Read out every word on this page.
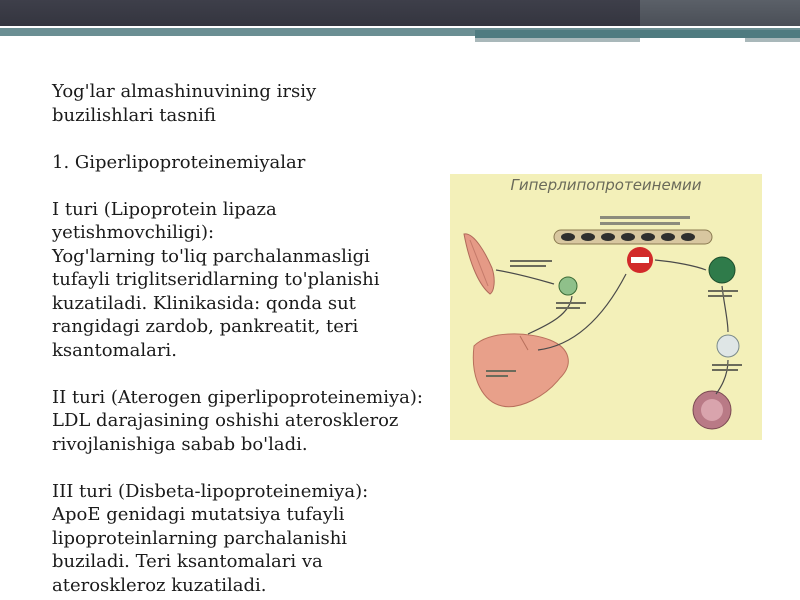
Yog'lar almashinuvining irsiy
buzilishlari tasnifi

1. Giperlipoproteinemiyalar

I turi (Lipoprotein lipaza
yetishmovchiligi):
Yog'larning to'liq parchalanmasligi
tufayli triglitseridlarning to'planishi
kuzatiladi. Klinikasida: qonda sut
rangidagi zardob, pankreatit, teri
ksantomalari.

II turi (Aterogen giperlipoproteinemiya):
LDL darajasining oshishi ateroskleroz
rivojlanishiga sabab bo'ladi.

III turi (Disbeta-lipoproteinemiya):
ApoE genidagi mutatsiya tufayli
lipoproteinlarning parchalanishi
buziladi. Teri ksantomalari va
ateroskleroz kuzatiladi.

Гиперлипопротеинемии
